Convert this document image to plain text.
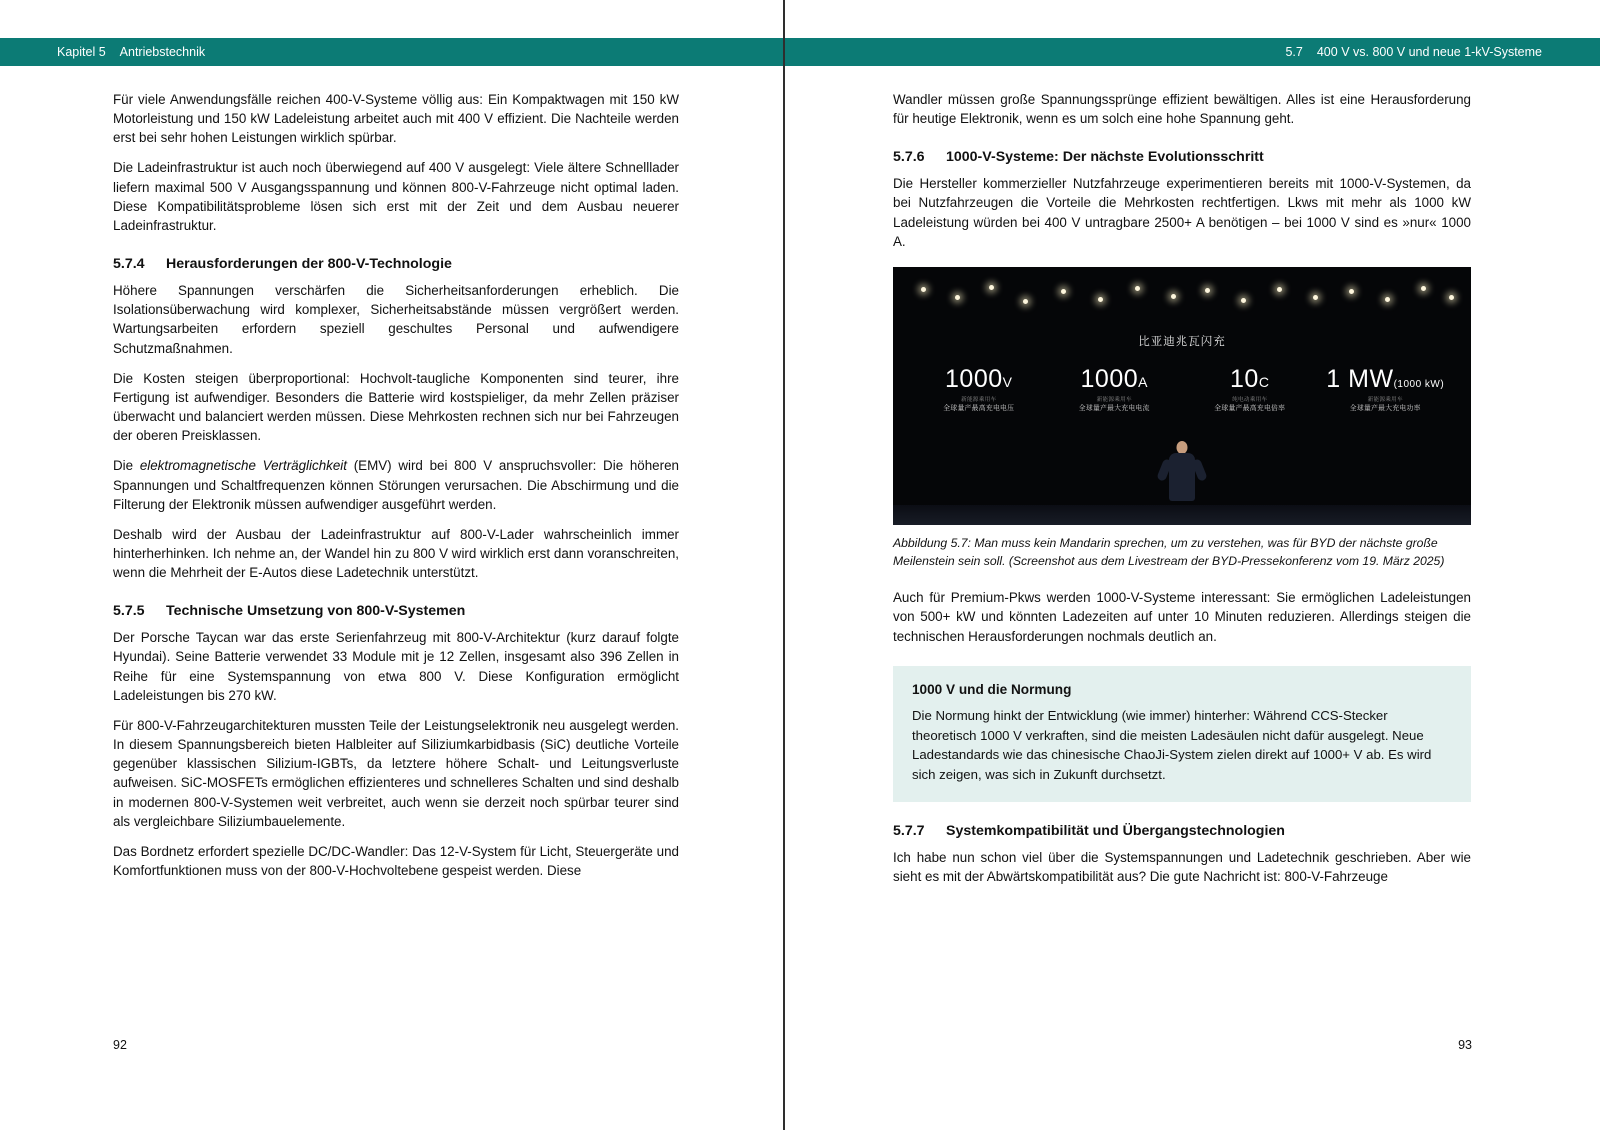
Kapitel 5 Antriebstechnik	5.7 400 V vs. 800 V und neue 1-kV-Systeme

Für viele Anwendungsfälle reichen 400-V-Systeme völlig aus: Ein Kompaktwagen mit 150 kW Motorleistung und 150 kW Ladeleistung arbeitet auch mit 400 V effizient. Die Nachteile werden erst bei sehr hohen Leistungen wirklich spürbar.

Die Ladeinfrastruktur ist auch noch überwiegend auf 400 V ausgelegt: Viele ältere Schnelllader liefern maximal 500 V Ausgangsspannung und können 800-V-Fahrzeuge nicht optimal laden. Diese Kompatibilitätsprobleme lösen sich erst mit der Zeit und dem Ausbau neuerer Ladeinfrastruktur.

5.7.4	Herausforderungen der 800-V-Technologie

Höhere Spannungen verschärfen die Sicherheitsanforderungen erheblich. Die Isolationsüberwachung wird komplexer, Sicherheitsabstände müssen vergrößert werden. Wartungsarbeiten erfordern speziell geschultes Personal und aufwendigere Schutzmaßnahmen.

Die Kosten steigen überproportional: Hochvolt-taugliche Komponenten sind teurer, ihre Fertigung ist aufwendiger. Besonders die Batterie wird kostspieliger, da mehr Zellen präziser überwacht und balanciert werden müssen. Diese Mehrkosten rechnen sich nur bei Fahrzeugen der oberen Preisklassen.

Die elektromagnetische Verträglichkeit (EMV) wird bei 800 V anspruchsvoller: Die höheren Spannungen und Schaltfrequenzen können Störungen verursachen. Die Abschirmung und die Filterung der Elektronik müssen aufwendiger ausgeführt werden.

Deshalb wird der Ausbau der Ladeinfrastruktur auf 800-V-Lader wahrscheinlich immer hinterherhinken. Ich nehme an, der Wandel hin zu 800 V wird wirklich erst dann voranschreiten, wenn die Mehrheit der E-Autos diese Ladetechnik unterstützt.

5.7.5	Technische Umsetzung von 800-V-Systemen

Der Porsche Taycan war das erste Serienfahrzeug mit 800-V-Architektur (kurz darauf folgte Hyundai). Seine Batterie verwendet 33 Module mit je 12 Zellen, insgesamt also 396 Zellen in Reihe für eine Systemspannung von etwa 800 V. Diese Konfiguration ermöglicht Ladeleistungen bis 270 kW.

Für 800-V-Fahrzeugarchitekturen mussten Teile der Leistungselektronik neu ausgelegt werden. In diesem Spannungsbereich bieten Halbleiter auf Siliziumkarbidbasis (SiC) deutliche Vorteile gegenüber klassischen Silizium-IGBTs, da letztere höhere Schalt- und Leitungsverluste aufweisen. SiC-MOSFETs ermöglichen effizienteres und schnelleres Schalten und sind deshalb in modernen 800-V-Systemen weit verbreitet, auch wenn sie derzeit noch spürbar teurer sind als vergleichbare Siliziumbauelemente.

Das Bordnetz erfordert spezielle DC/DC-Wandler: Das 12-V-System für Licht, Steuergeräte und Komfortfunktionen muss von der 800-V-Hochvoltebene gespeist werden. Diese

Wandler müssen große Spannungssprünge effizient bewältigen. Alles ist eine Herausforderung für heutige Elektronik, wenn es um solch eine hohe Spannung geht.

5.7.6	1000-V-Systeme: Der nächste Evolutionsschritt

Die Hersteller kommerzieller Nutzfahrzeuge experimentieren bereits mit 1000-V-Systemen, da bei Nutzfahrzeugen die Vorteile die Mehrkosten rechtfertigen. Lkws mit mehr als 1000 kW Ladeleistung würden bei 400 V untragbare 2500+ A benötigen – bei 1000 V sind es »nur« 1000 A.

比亚迪兆瓦闪充
1000V
新能源乘用车
全球量产最高充电电压
1000A
新能源乘用车
全球量产最大充电电流
10C
纯电动乘用车
全球量产最高充电倍率
1 MW(1000 kW)
新能源乘用车
全球量产最大充电功率
Abbildung 5.7: Man muss kein Mandarin sprechen, um zu verstehen, was für BYD der nächste große Meilenstein sein soll. (Screenshot aus dem Livestream der BYD-Pressekonferenz vom 19. März 2025)

Auch für Premium-Pkws werden 1000-V-Systeme interessant: Sie ermöglichen Ladeleistungen von 500+ kW und könnten Ladezeiten auf unter 10 Minuten reduzieren. Allerdings steigen die technischen Herausforderungen nochmals deutlich an.

1000 V und die Normung

Die Normung hinkt der Entwicklung (wie immer) hinterher: Während CCS-Stecker theoretisch 1000 V verkraften, sind die meisten Ladesäulen nicht dafür ausgelegt. Neue Ladestandards wie das chinesische ChaoJi-System zielen direkt auf 1000+ V ab. Es wird sich zeigen, was sich in Zukunft durchsetzt.

5.7.7	Systemkompatibilität und Übergangstechnologien

Ich habe nun schon viel über die Systemspannungen und Ladetechnik geschrieben. Aber wie sieht es mit der Abwärtskompatibilität aus? Die gute Nachricht ist: 800-V-Fahrzeuge

92	93
